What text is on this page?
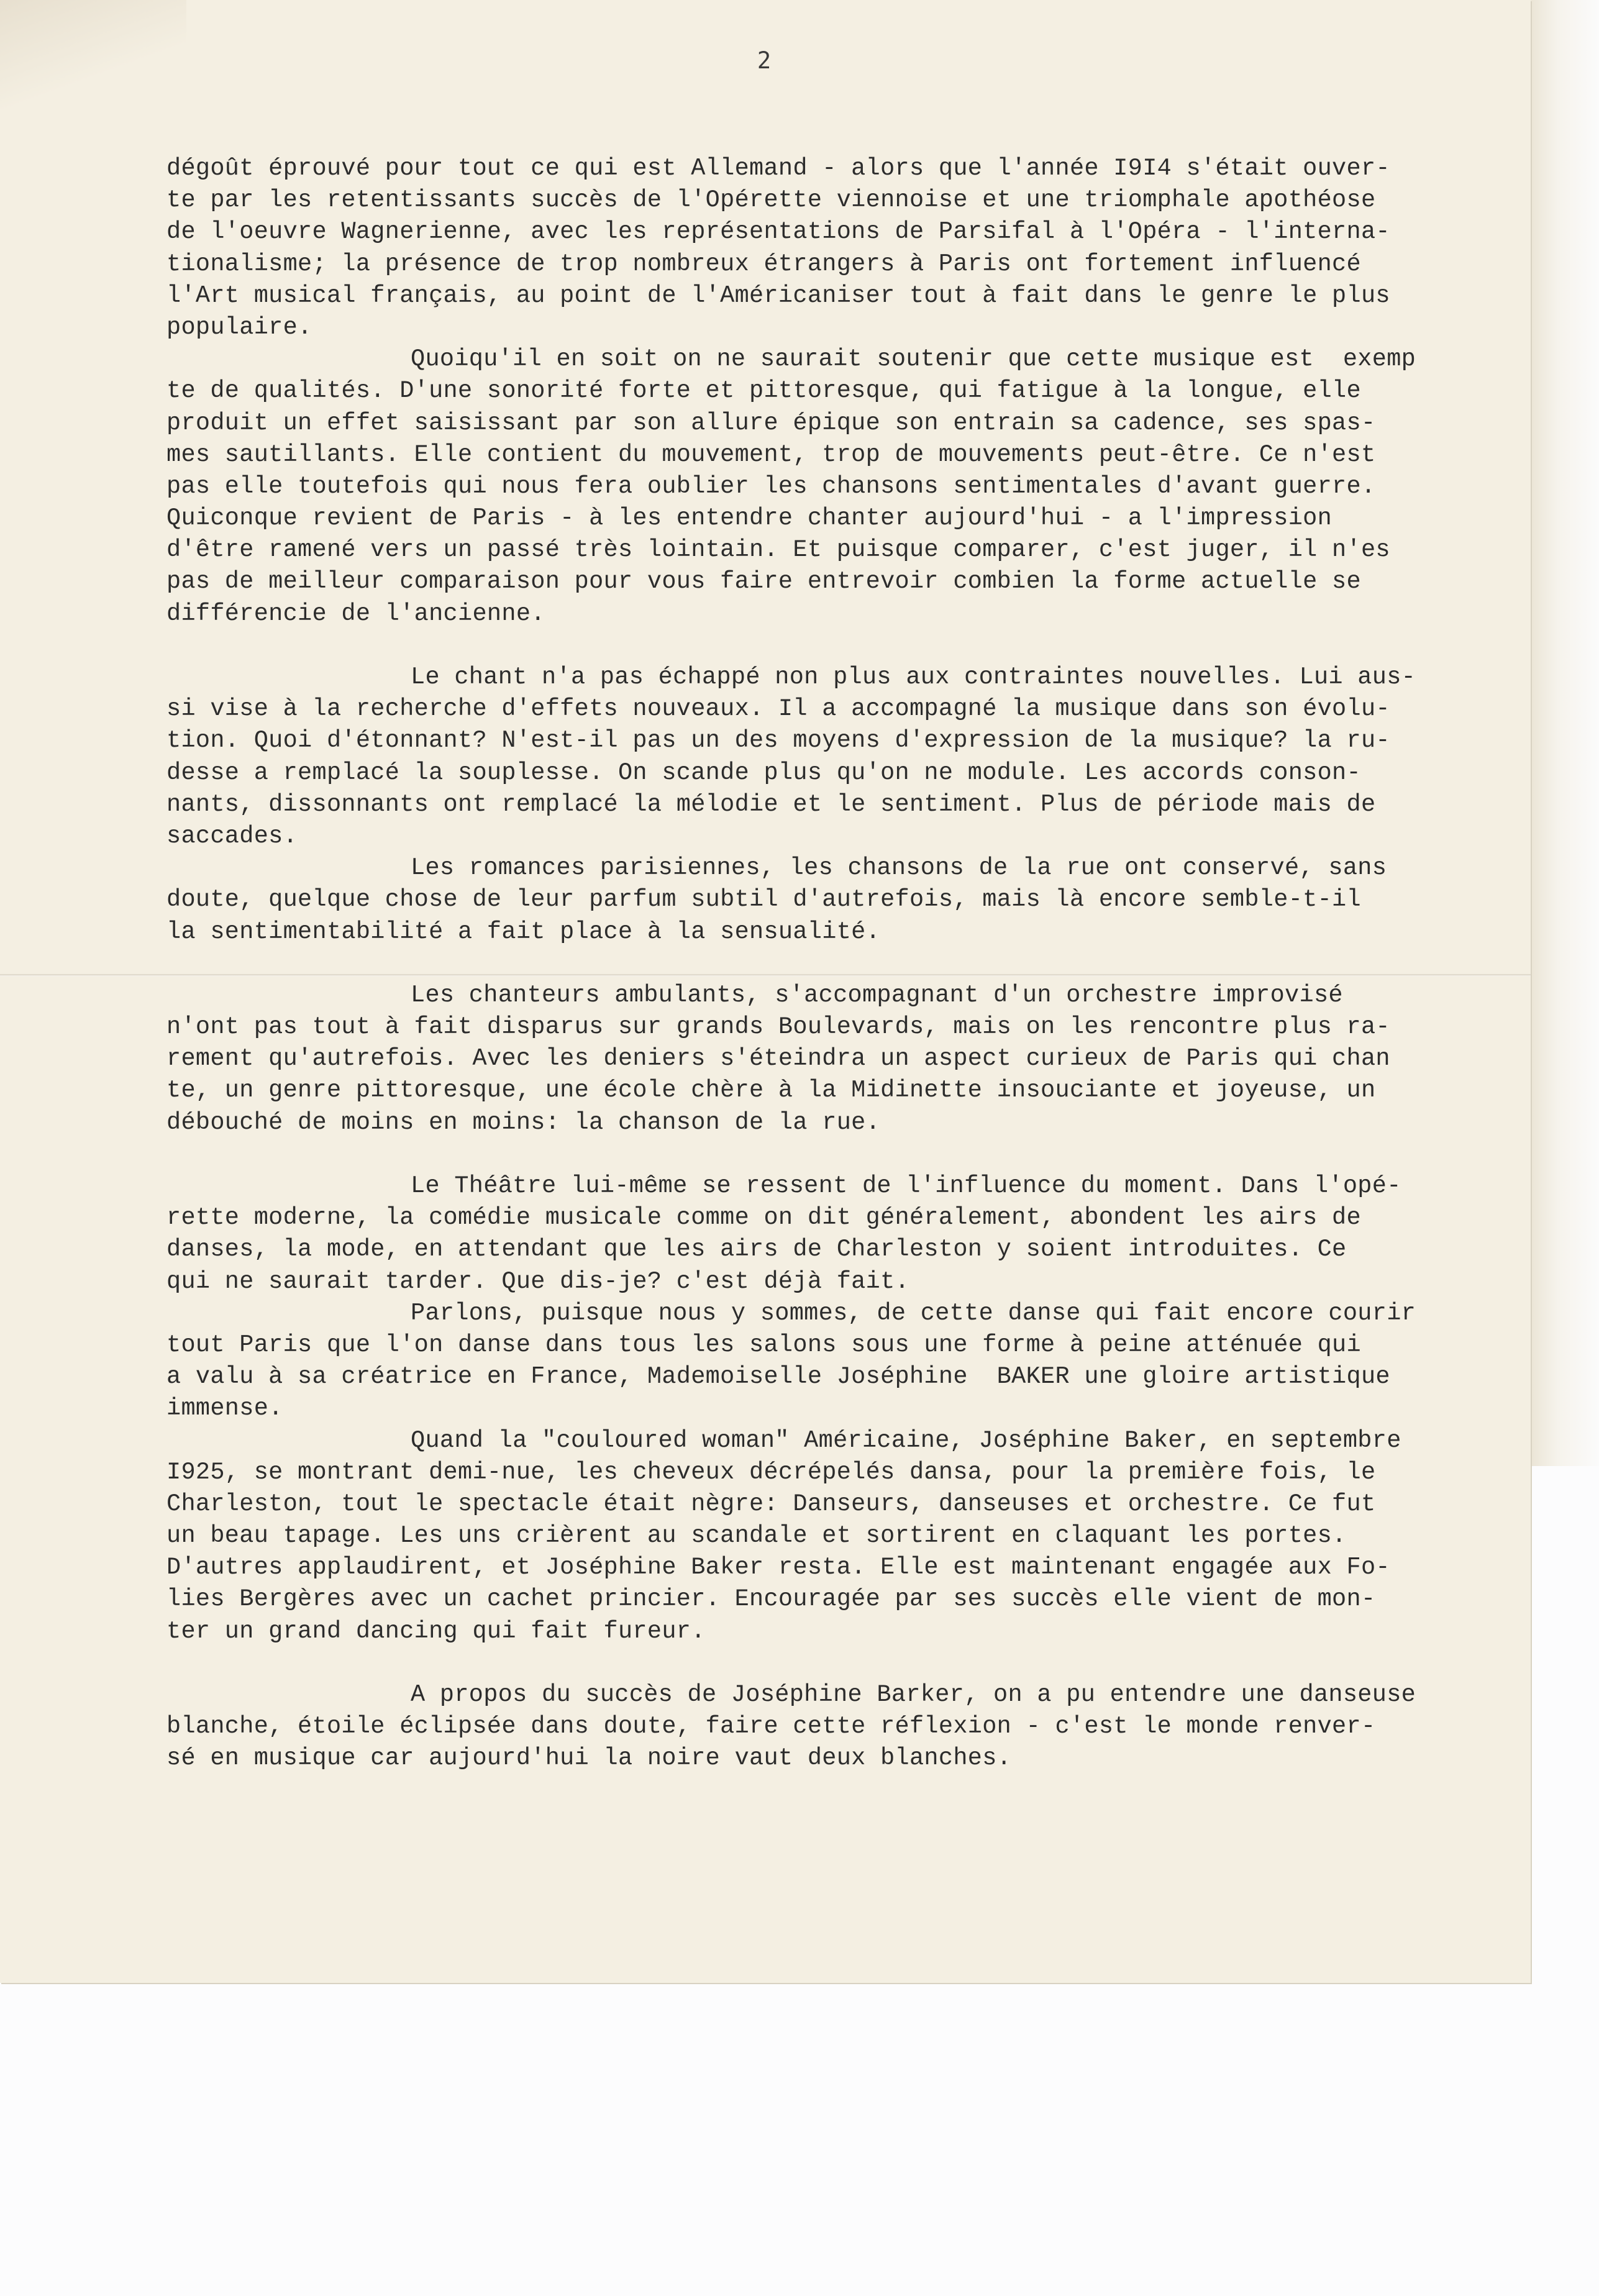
2
dégoût éprouvé pour tout ce qui est Allemand - alors que l'année I9I4 s'était ouver-
te par les retentissants succès de l'Opérette viennoise et une triomphale apothéose
de l'oeuvre Wagnerienne, avec les représentations de Parsifal à l'Opéra - l'interna-
tionalisme; la présence de trop nombreux étrangers à Paris ont fortement influencé
l'Art musical français, au point de l'Américaniser tout à fait dans le genre le plus
populaire.
Quoiqu'il en soit on ne saurait soutenir que cette musique est  exemp
te de qualités. D'une sonorité forte et pittoresque, qui fatigue à la longue, elle
produit un effet saisissant par son allure épique son entrain sa cadence, ses spas-
mes sautillants. Elle contient du mouvement, trop de mouvements peut-être. Ce n'est
pas elle toutefois qui nous fera oublier les chansons sentimentales d'avant guerre.
Quiconque revient de Paris - à les entendre chanter aujourd'hui - a l'impression
d'être ramené vers un passé très lointain. Et puisque comparer, c'est juger, il n'es
pas de meilleur comparaison pour vous faire entrevoir combien la forme actuelle se
différencie de l'ancienne.
Le chant n'a pas échappé non plus aux contraintes nouvelles. Lui aus-
si vise à la recherche d'effets nouveaux. Il a accompagné la musique dans son évolu-
tion. Quoi d'étonnant? N'est-il pas un des moyens d'expression de la musique? la ru-
desse a remplacé la souplesse. On scande plus qu'on ne module. Les accords conson-
nants, dissonnants ont remplacé la mélodie et le sentiment. Plus de période mais de
saccades.
Les romances parisiennes, les chansons de la rue ont conservé, sans
doute, quelque chose de leur parfum subtil d'autrefois, mais là encore semble-t-il
la sentimentabilité a fait place à la sensualité.
Les chanteurs ambulants, s'accompagnant d'un orchestre improvisé
n'ont pas tout à fait disparus sur grands Boulevards, mais on les rencontre plus ra-
rement qu'autrefois. Avec les deniers s'éteindra un aspect curieux de Paris qui chan
te, un genre pittoresque, une école chère à la Midinette insouciante et joyeuse, un
débouché de moins en moins: la chanson de la rue.
Le Théâtre lui-même se ressent de l'influence du moment. Dans l'opé-
rette moderne, la comédie musicale comme on dit généralement, abondent les airs de
danses, la mode, en attendant que les airs de Charleston y soient introduites. Ce
qui ne saurait tarder. Que dis-je? c'est déjà fait.
Parlons, puisque nous y sommes, de cette danse qui fait encore courir
tout Paris que l'on danse dans tous les salons sous une forme à peine atténuée qui
a valu à sa créatrice en France, Mademoiselle Joséphine  BAKER une gloire artistique
immense.
Quand la "couloured woman" Américaine, Joséphine Baker, en septembre
I925, se montrant demi-nue, les cheveux décrépelés dansa, pour la première fois, le
Charleston, tout le spectacle était nègre: Danseurs, danseuses et orchestre. Ce fut
un beau tapage. Les uns crièrent au scandale et sortirent en claquant les portes.
D'autres applaudirent, et Joséphine Baker resta. Elle est maintenant engagée aux Fo-
lies Bergères avec un cachet princier. Encouragée par ses succès elle vient de mon-
ter un grand dancing qui fait fureur.
A propos du succès de Joséphine Barker, on a pu entendre une danseuse
blanche, étoile éclipsée dans doute, faire cette réflexion - c'est le monde renver-
sé en musique car aujourd'hui la noire vaut deux blanches.
